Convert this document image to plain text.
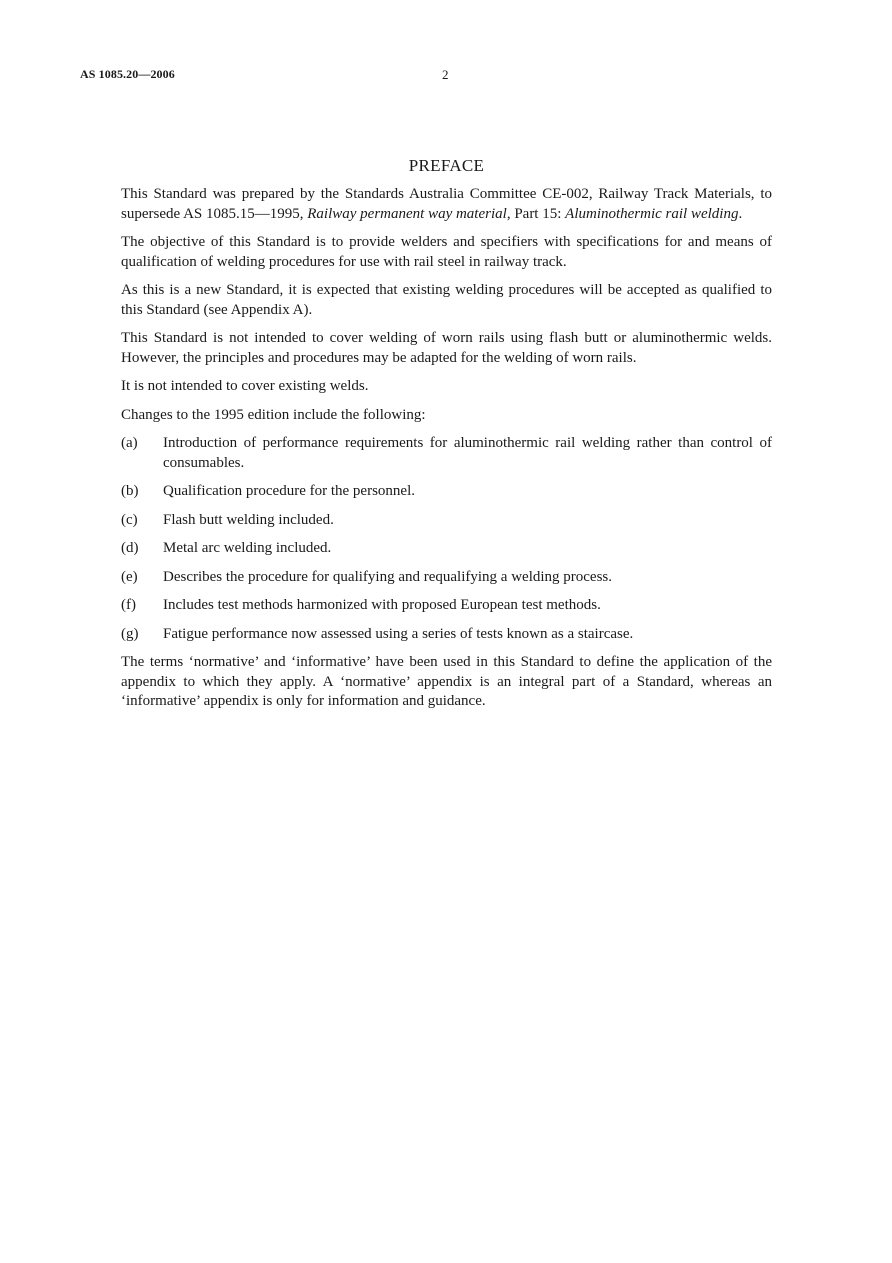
AS 1085.20—2006	2
PREFACE

This Standard was prepared by the Standards Australia Committee CE-002, Railway Track Materials, to supersede AS 1085.15—1995, Railway permanent way material, Part 15: Aluminothermic rail welding.

The objective of this Standard is to provide welders and specifiers with specifications for and means of qualification of welding procedures for use with rail steel in railway track.

As this is a new Standard, it is expected that existing welding procedures will be accepted as qualified to this Standard (see Appendix A).

This Standard is not intended to cover welding of worn rails using flash butt or aluminothermic welds. However, the principles and procedures may be adapted for the welding of worn rails.

It is not intended to cover existing welds.

Changes to the 1995 edition include the following:

(a)	Introduction of performance requirements for aluminothermic rail welding rather than control of consumables.
(b)	Qualification procedure for the personnel.
(c)	Flash butt welding included.
(d)	Metal arc welding included.
(e)	Describes the procedure for qualifying and requalifying a welding process.
(f)	Includes test methods harmonized with proposed European test methods.
(g)	Fatigue performance now assessed using a series of tests known as a staircase.

The terms ‘normative’ and ‘informative’ have been used in this Standard to define the application of the appendix to which they apply. A ‘normative’ appendix is an integral part of a Standard, whereas an ‘informative’ appendix is only for information and guidance.
